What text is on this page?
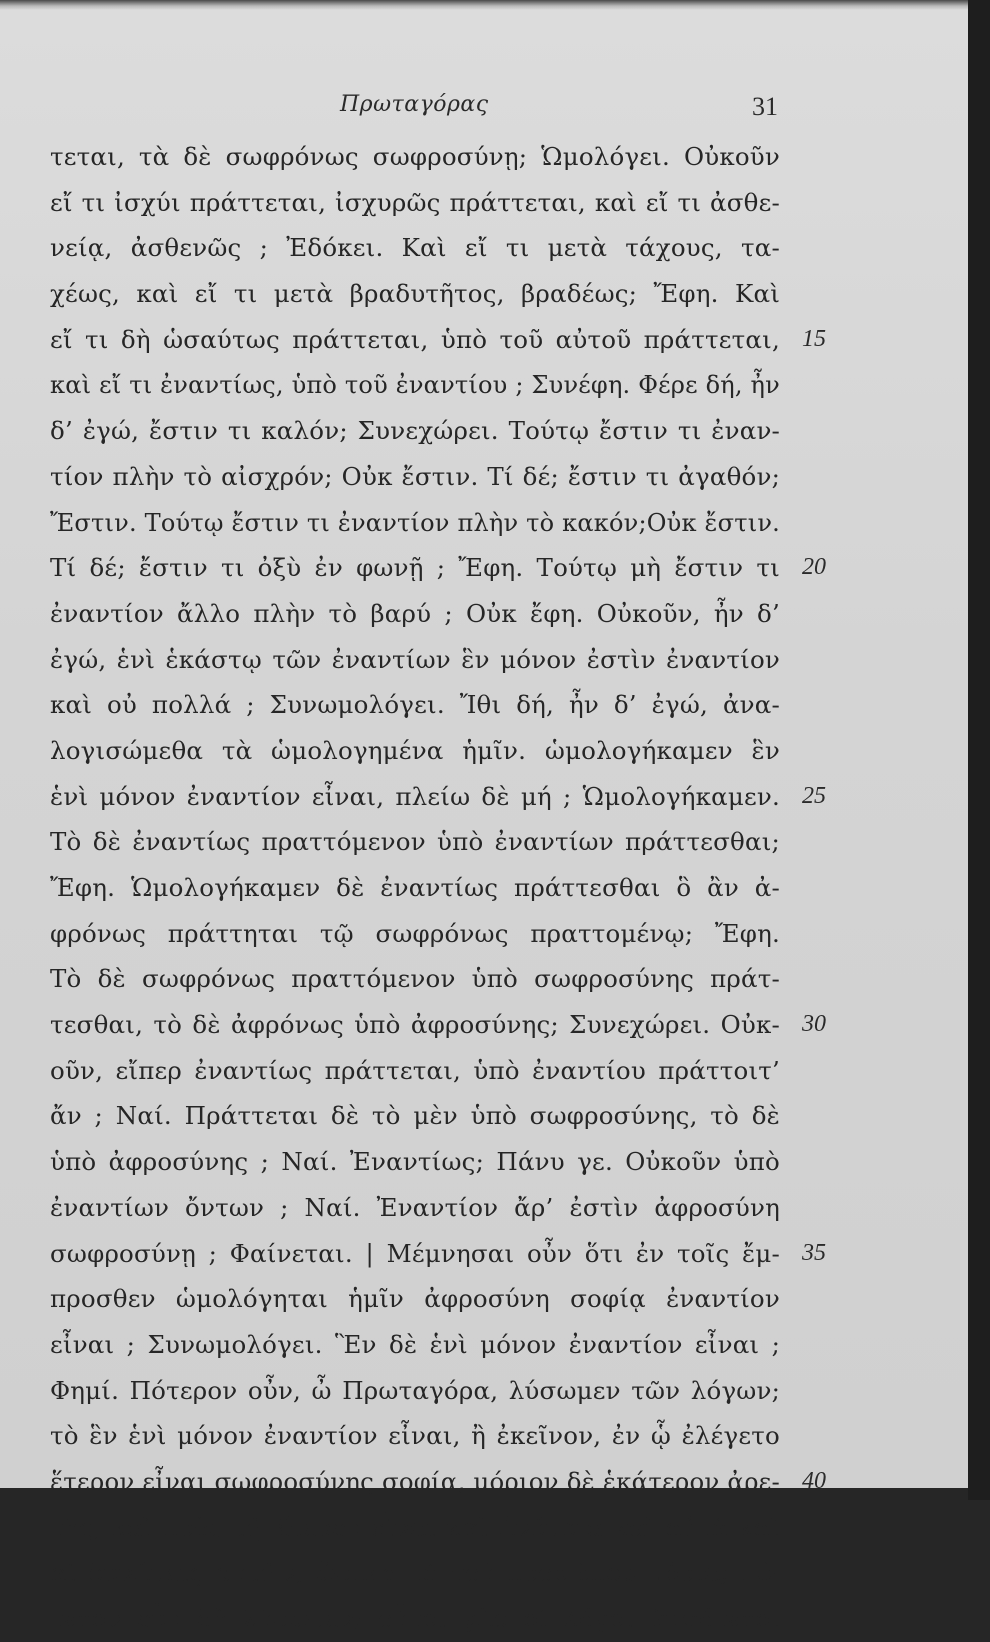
Πρωταγόρας	31
τεται, τὰ δὲ σωφρόνως σωφροσύνῃ; Ὡμολόγει. Οὐκοῦν
εἴ τι ἰσχύι πράττεται, ἰσχυρῶς πράττεται, καὶ εἴ τι ἀσθε-
νείᾳ, ἀσθενῶς ; Ἐδόκει. Καὶ εἴ τι μετὰ τάχους, τα-
χέως, καὶ εἴ τι μετὰ βραδυτῆτος, βραδέως; Ἔφη. Καὶ
εἴ τι δὴ ὡσαύτως πράττεται, ὑπὸ τοῦ αὐτοῦ πράττεται,
καὶ εἴ τι ἐναντίως, ὑπὸ τοῦ ἐναντίου ; Συνέφη. Φέρε δή, ἦν
δ’ ἐγώ, ἔστιν τι καλόν; Συνεχώρει. Τούτῳ ἔστιν τι ἐναν-
τίον πλὴν τὸ αἰσχρόν; Οὐκ ἔστιν. Τί δέ; ἔστιν τι ἀγαθόν;
Ἔστιν. Τούτῳ ἔστιν τι ἐναντίον πλὴν τὸ κακόν;Οὐκ ἔστιν.
Τί δέ; ἔστιν τι ὀξὺ ἐν φωνῇ ; Ἔφη. Τούτῳ μὴ ἔστιν τι
ἐναντίον ἄλλο πλὴν τὸ βαρύ ; Οὐκ ἔφη. Οὐκοῦν, ἦν δ’
ἐγώ, ἑνὶ ἑκάστῳ τῶν ἐναντίων ἓν μόνον ἐστὶν ἐναντίον
καὶ οὐ πολλά ; Συνωμολόγει. Ἴθι δή, ἦν δ’ ἐγώ, ἀνα-
λογισώμεθα τὰ ὡμολογημένα ἡμῖν. ὡμολογήκαμεν ἓν
ἑνὶ μόνον ἐναντίον εἶναι, πλείω δὲ μή ; Ὡμολογήκαμεν.
Τὸ δὲ ἐναντίως πραττόμενον ὑπὸ ἐναντίων πράττεσθαι;
Ἔφη. Ὡμολογήκαμεν δὲ ἐναντίως πράττεσθαι ὃ ἂν ἀ-
φρόνως πράττηται τῷ σωφρόνως πραττομένῳ; Ἔφη.
Τὸ δὲ σωφρόνως πραττόμενον ὑπὸ σωφροσύνης πράτ-
τεσθαι, τὸ δὲ ἀφρόνως ὑπὸ ἀφροσύνης; Συνεχώρει. Οὐκ-
οῦν, εἴπερ ἐναντίως πράττεται, ὑπὸ ἐναντίου πράττοιτ’
ἄν ; Ναί. Πράττεται δὲ τὸ μὲν ὑπὸ σωφροσύνης, τὸ δὲ
ὑπὸ ἀφροσύνης ; Ναί. Ἐναντίως; Πάνυ γε. Οὐκοῦν ὑπὸ
ἐναντίων ὄντων ; Ναί. Ἐναντίον ἄρ’ ἐστὶν ἀφροσύνη
σωφροσύνῃ ; Φαίνεται. | Μέμνησαι οὖν ὅτι ἐν τοῖς ἔμ-
προσθεν ὡμολόγηται ἡμῖν ἀφροσύνη σοφίᾳ ἐναντίον
εἶναι ; Συνωμολόγει. Ἓν δὲ ἑνὶ μόνον ἐναντίον εἶναι ;
Φημί. Πότερον οὖν, ὦ Πρωταγόρα, λύσωμεν τῶν λόγων;
τὸ ἓν ἑνὶ μόνον ἐναντίον εἶναι, ἢ ἐκεῖνον, ἐν ᾧ ἐλέγετο
ἕτερον εἶναι σωφροσύνης σοφία, μόριον δὲ ἑκάτερον ἀρε-
τῆς, καὶ πρὸς τῷ ἕτερον εἶναι καὶ ἀνόμοια καὶ αὐτὰ καὶ
αἱ δυνάμεις αὐτῶν, ὥσπερ τὰ τοῦ προσώπου μόρια; πό·
τερον οὖν δὴ λύσωμεν; οὗτοι γὰρ οἱ λόγοι ἀμφότεροι
15
20
25
30
35
40
